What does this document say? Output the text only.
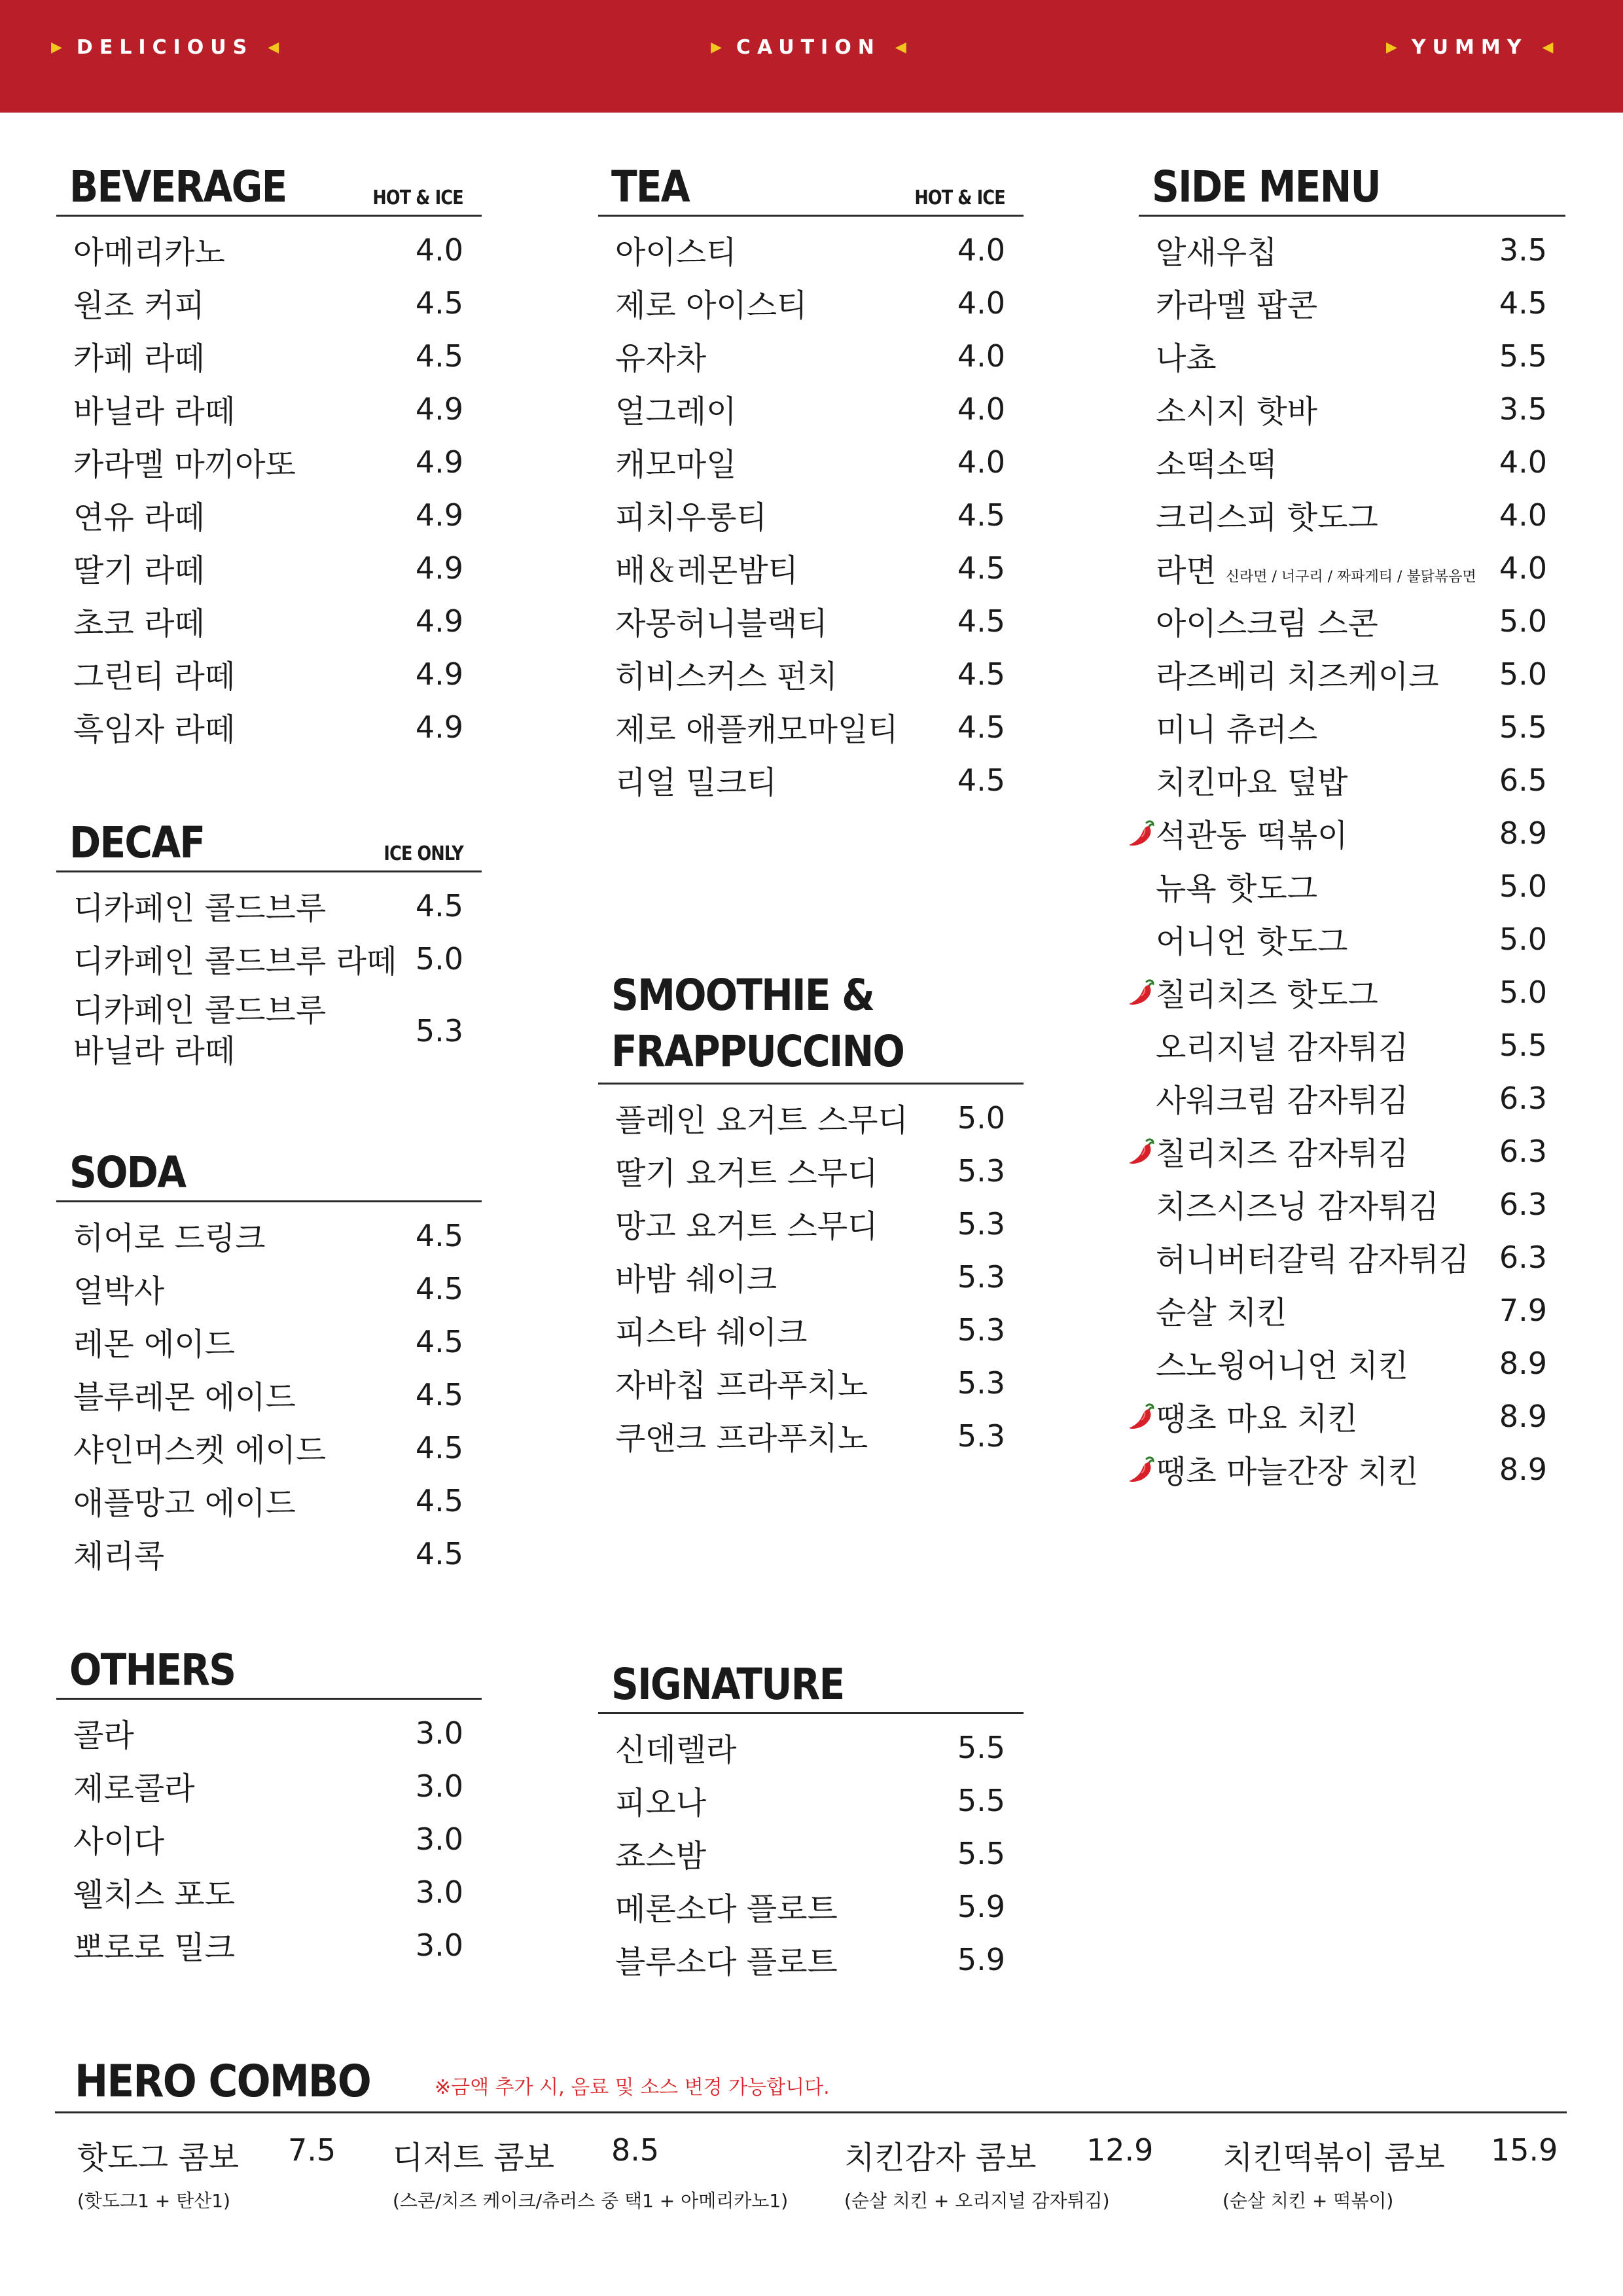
▶ DELICIOUS ◀	▶ CAUTION ◀	▶ YUMMY ◀
BEVERAGE	HOT & ICE
아메리카노	4.0
원조 커피	4.5
카페 라떼	4.5
바닐라 라떼	4.9
카라멜 마끼아또	4.9
연유 라떼	4.9
딸기 라떼	4.9
초코 라떼	4.9
그린티 라떼	4.9
흑임자 라떼	4.9
DECAF	ICE ONLY
디카페인 콜드브루	4.5
디카페인 콜드브루 라떼 5.0
디카페인 콜드브루
바닐라 라떼
5.3
SODA
히어로 드링크	4.5
얼박사	4.5
레몬 에이드	4.5
블루레몬 에이드	4.5
샤인머스켓 에이드	4.5
애플망고 에이드	4.5
체리콕	4.5
OTHERS
콜라	3.0
제로콜라	3.0
사이다	3.0
웰치스 포도	3.0
뽀로로 밀크	3.0
TEA	HOT & ICE
아이스티	4.0
제로 아이스티	4.0
유자차	4.0
얼그레이	4.0
캐모마일	4.0
피치우롱티	4.5
배＆레몬밤티	4.5
자몽허니블랙티	4.5
히비스커스 펀치	4.5
제로 애플캐모마일티 4.5
리얼 밀크티	4.5
SMOOTHIE &
FRAPPUCCINO
플레인 요거트 스무디 5.0
딸기 요거트 스무디	5.3
망고 요거트 스무디	5.3
바밤 쉐이크	5.3
피스타 쉐이크	5.3
자바칩 프라푸치노	5.3
쿠앤크 프라푸치노	5.3
SIGNATURE
신데렐라	5.5
피오나	5.5
죠스밤	5.5
메론소다 플로트	5.9
블루소다 플로트	5.9
SIDE MENU
알새우칩	3.5
카라멜 팝콘	4.5
나쵸	5.5
소시지 핫바	3.5
소떡소떡	4.0
크리스피 핫도그	4.0
라면 신라면 / 너구리 / 짜파게티 / 불닭볶음면 4.0
아이스크림 스콘	5.0
라즈베리 치즈케이크 5.0
미니 츄러스	5.5
치킨마요 덮밥	6.5
석관동 떡볶이	8.9
뉴욕 핫도그	5.0
어니언 핫도그	5.0
칠리치즈 핫도그	5.0
오리지널 감자튀김	5.5
사워크림 감자튀김	6.3
칠리치즈 감자튀김	6.3
치즈시즈닝 감자튀김 6.3
허니버터갈릭 감자튀김 6.3
순살 치킨	7.9
스노윙어니언 치킨	8.9
땡초 마요 치킨	8.9
땡초 마늘간장 치킨	8.9
HERO COMBO	※금액 추가 시, 음료 및 소스 변경 가능합니다.
핫도그 콤보 7.5
(핫도그1 + 탄산1)
디저트 콤보 8.5
(스콘/치즈 케이크/츄러스 중 택1 + 아메리카노1)
치킨감자 콤보 12.9
(순살 치킨 + 오리지널 감자튀김)
치킨떡볶이 콤보 15.9
(순살 치킨 + 떡볶이)
